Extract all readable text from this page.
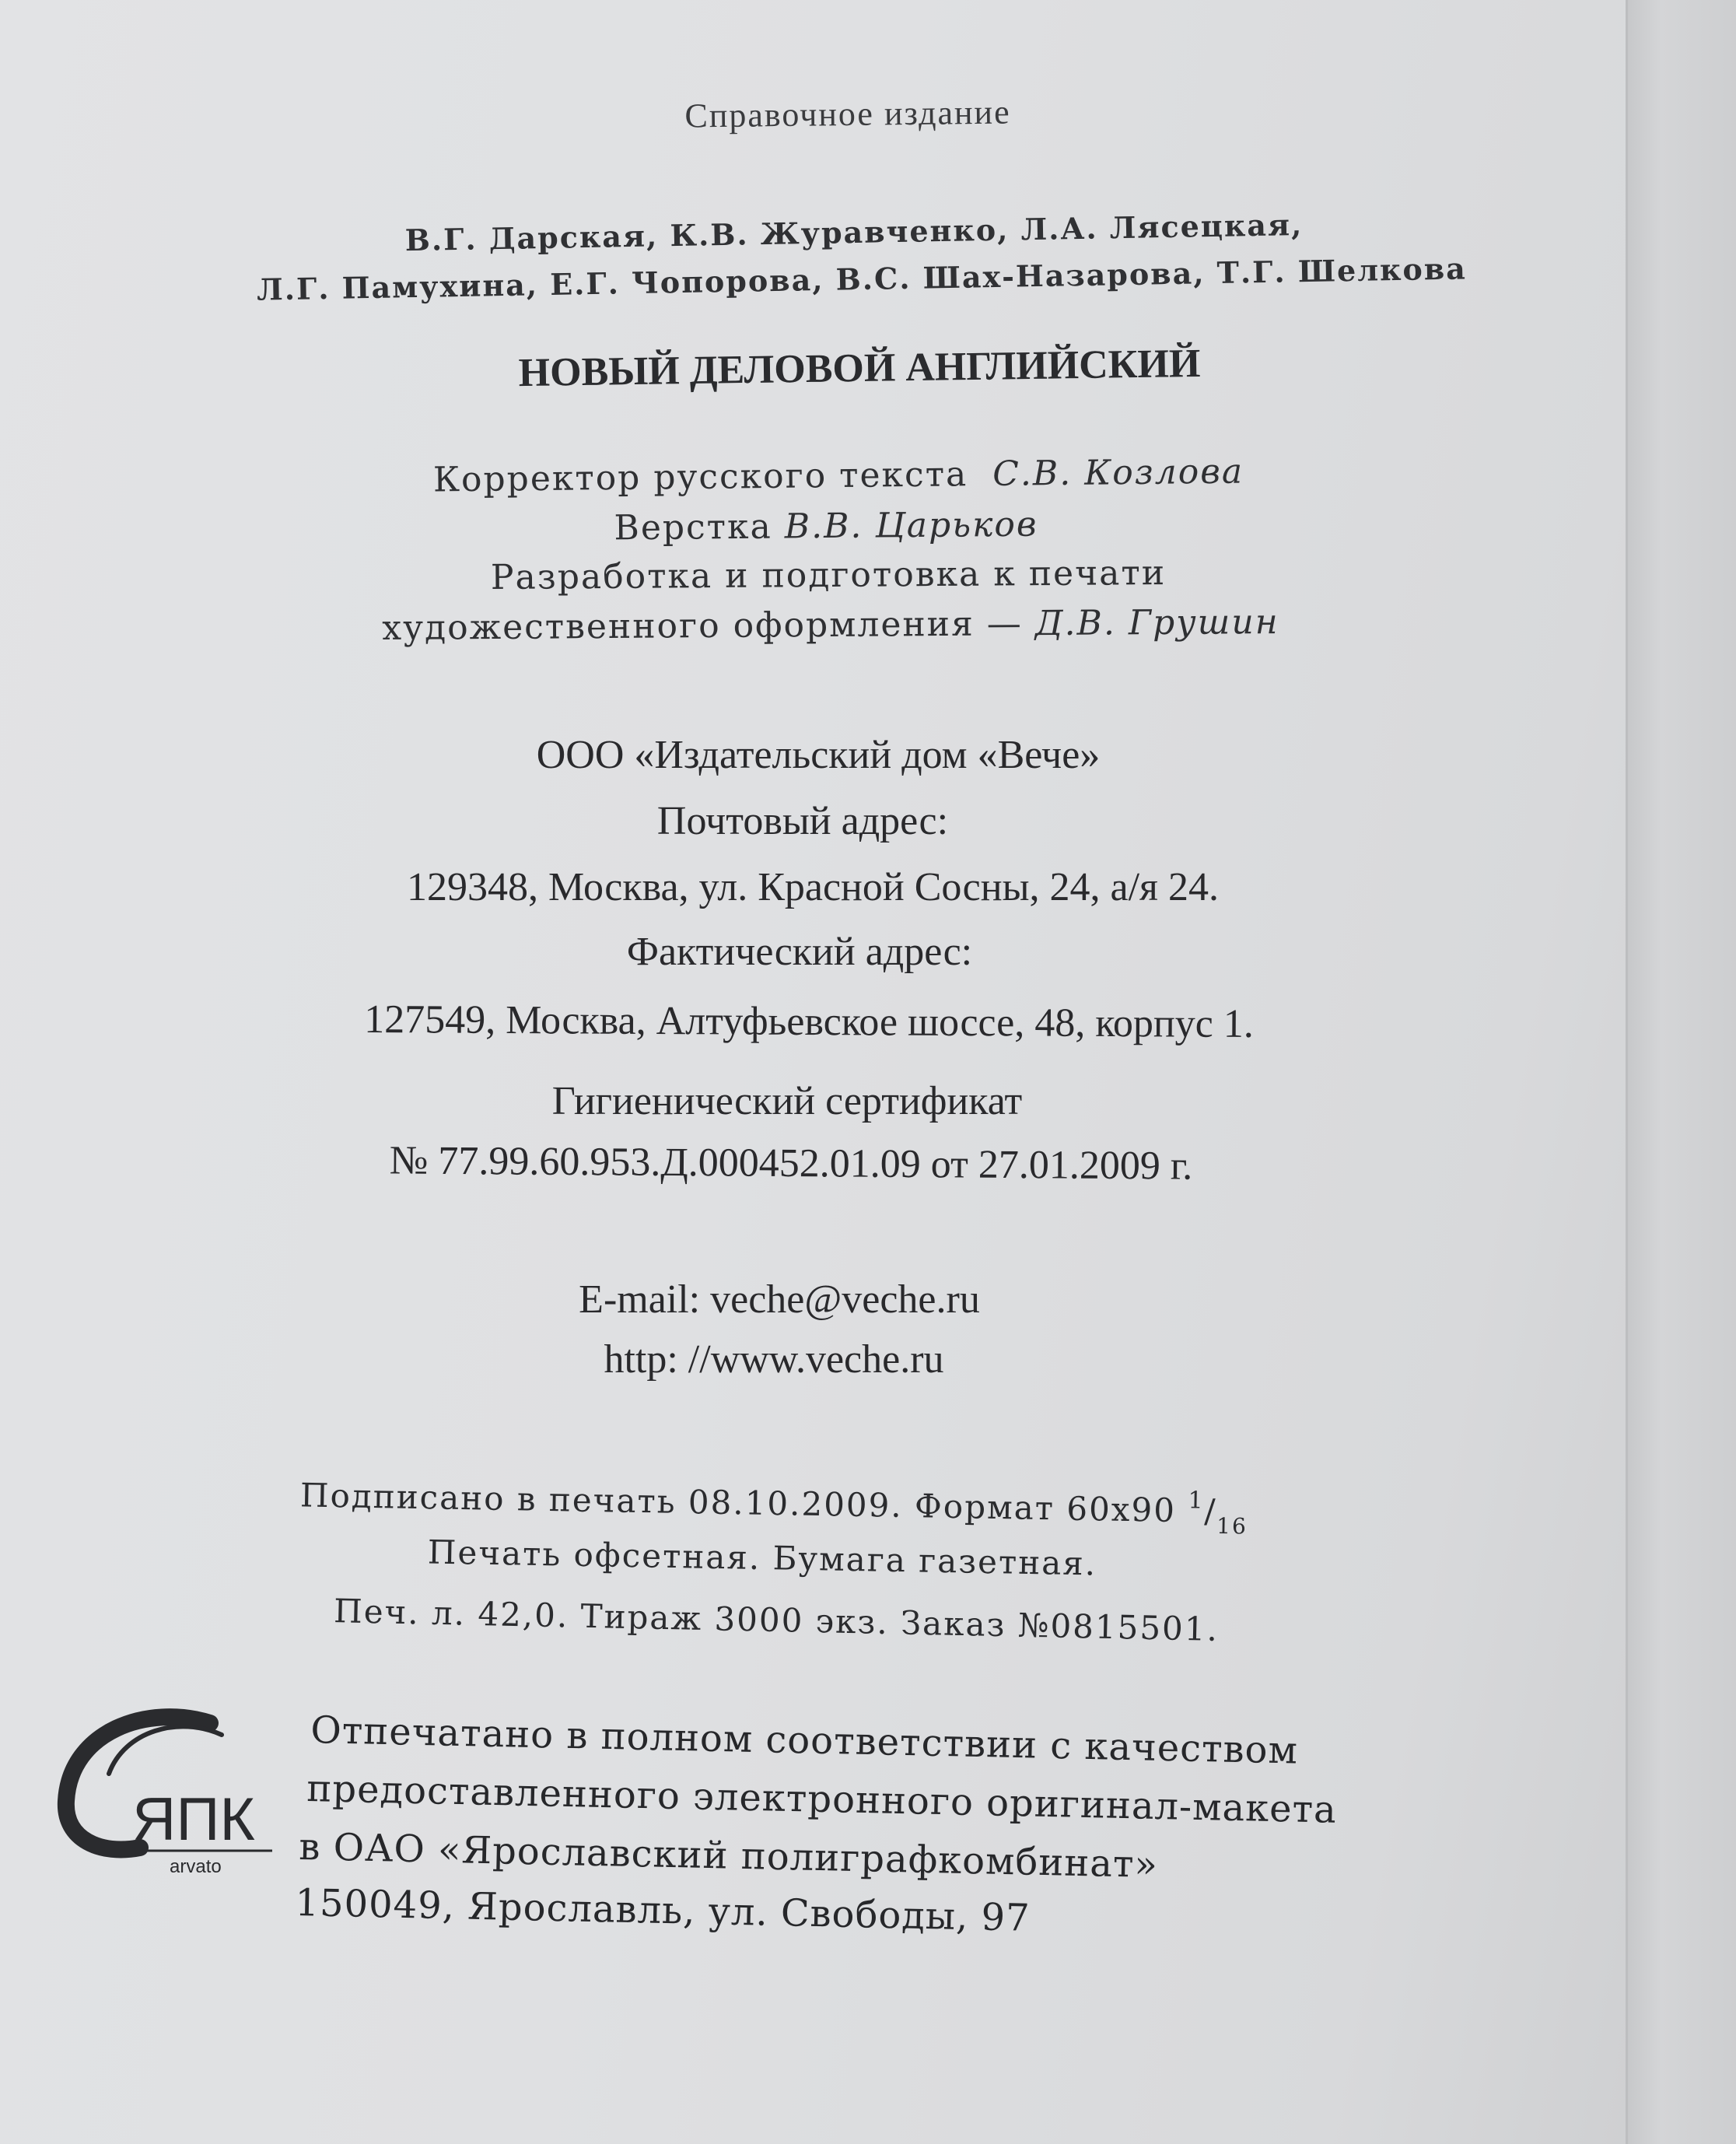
Справочное издание
В.Г. Дарская, К.В. Журавченко, Л.А. Лясецкая,
Л.Г. Памухина, Е.Г. Чопорова, В.С. Шах-Назарова, Т.Г. Шелкова
НОВЫЙ ДЕЛОВОЙ АНГЛИЙСКИЙ
Корректор русского текста С.В. Козлова
Верстка В.В. Царьков
Разработка и подготовка к печати
художественного оформления — Д.В. Грушин
ООО «Издательский дом «Вече»
Почтовый адрес:
129348, Москва, ул. Красной Сосны, 24, а/я 24.
Фактический адрес:
127549, Москва, Алтуфьевское шоссе, 48, корпус 1.
Гигиенический сертификат
№ 77.99.60.953.Д.000452.01.09 от 27.01.2009 г.
E-mail: veche@veche.ru
http: //www.veche.ru
Подписано в печать 08.10.2009. Формат 60x90 $^1/_{16}$
Печать офсетная. Бумага газетная.
Печ. л. 42,0. Тираж 3000 экз. Заказ №0815501.
ЯПК
arvato
Отпечатано в полном соответствии с качеством
предоставленного электронного оригинал-макета
в ОАО «Ярославский полиграфкомбинат»
150049, Ярославль, ул. Свободы, 97
